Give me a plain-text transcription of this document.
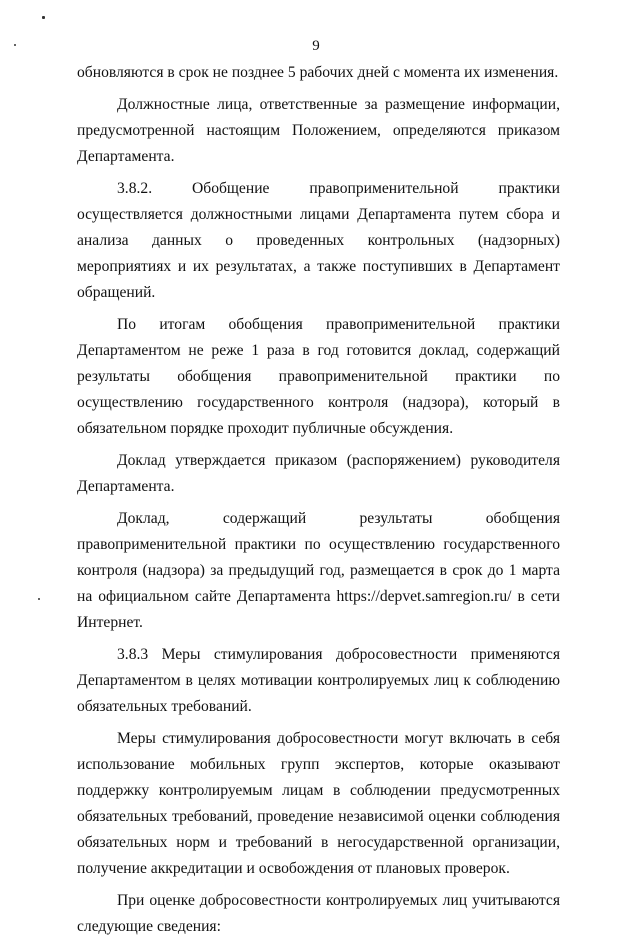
9

обновляются в срок не позднее 5 рабочих дней с момента их изменения.

Должностные лица, ответственные за размещение информации, предусмотренной настоящим Положением, определяются приказом Департамента.

3.8.2. Обобщение правоприменительной практики осуществляется должностными лицами Департамента путем сбора и анализа данных о проведенных контрольных (надзорных) мероприятиях и их результатах, а также поступивших в Департамент обращений.

По итогам обобщения правоприменительной практики Департаментом не реже 1 раза в год готовится доклад, содержащий результаты обобщения правоприменительной практики по осуществлению государственного контроля (надзора), который в обязательном порядке проходит публичные обсуждения.

Доклад утверждается приказом (распоряжением) руководителя Департамента.

Доклад, содержащий результаты обобщения правоприменительной практики по осуществлению государственного контроля (надзора) за предыдущий год, размещается в срок до 1 марта на официальном сайте Департамента https://depvet.samregion.ru/ в сети Интернет.

3.8.3 Меры стимулирования добросовестности применяются Департаментом в целях мотивации контролируемых лиц к соблюдению обязательных требований.

Меры стимулирования добросовестности могут включать в себя использование мобильных групп экспертов, которые оказывают поддержку контролируемым лицам в соблюдении предусмотренных обязательных требований, проведение независимой оценки соблюдения обязательных норм и требований в негосударственной организации, получение аккредитации и освобождения от плановых проверок.

При оценке добросовестности контролируемых лиц учитываются следующие сведения:
